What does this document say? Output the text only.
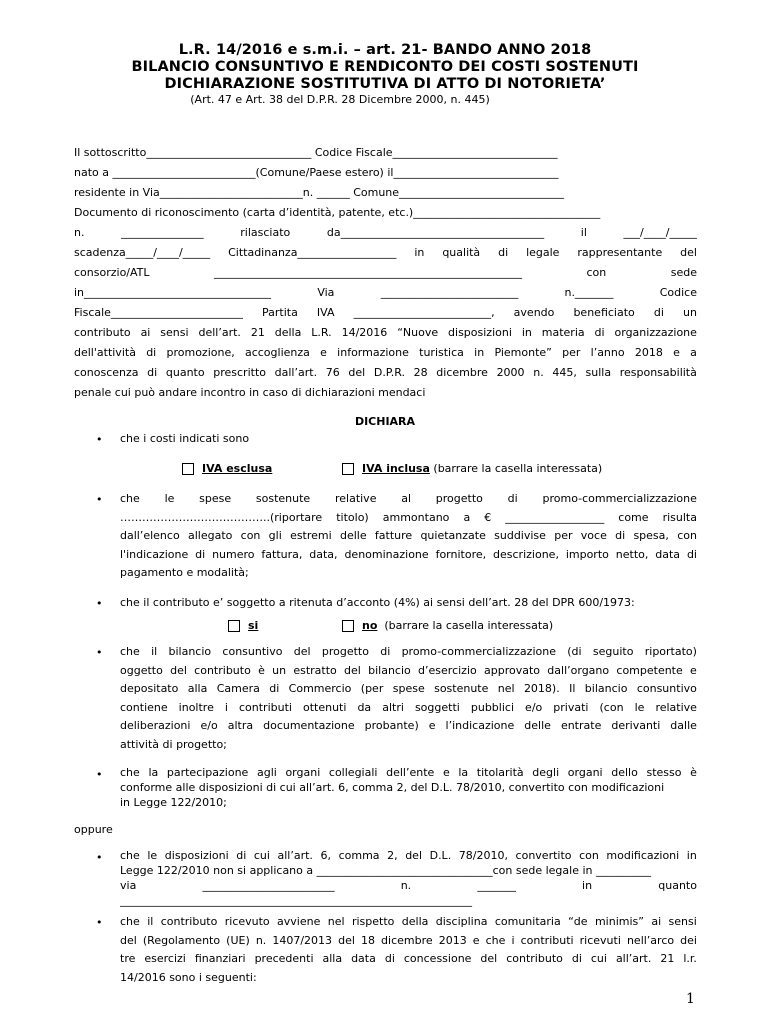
L.R. 14/2016 e s.m.i. – art. 21- BANDO ANNO 2018
BILANCIO CONSUNTIVO E RENDICONTO DEI COSTI SOSTENUTI
DICHIARAZIONE SOSTITUTIVA DI ATTO DI NOTORIETA’
(Art. 47 e Art. 38 del D.P.R. 28 Dicembre 2000, n. 445)
Il sottoscritto______________________________ Codice Fiscale______________________________
nato a __________________________(Comune/Paese estero) il______________________________
residente in Via__________________________n. ______ Comune______________________________
Documento di riconoscimento (carta d’identità, patente, etc.)__________________________________
n.	_______________	rilasciato	da_____________________________________	il	___/____/_____
scadenza_____/____/_____ Cittadinanza__________________ in qualità di legale rappresentante del
consorzio/ATL	________________________________________________________	con	sede
in__________________________________	Via	_________________________	n._______	Codice
Fiscale________________________ Partita IVA _________________________, avendo beneficiato di un
contributo ai sensi dell’art. 21 della L.R. 14/2016 “Nuove disposizioni in materia di organizzazione
dell'attività di promozione, accoglienza e informazione turistica in Piemonte” per l’anno 2018 e a
conoscenza di quanto prescritto dall’art. 76 del D.P.R. 28 dicembre 2000 n. 445, sulla responsabilità
penale cui può andare incontro in caso di dichiarazioni mendaci
DICHIARA
• che i costi indicati sono
IVA esclusa	IVA inclusa (barrare la casella interessata)
• che le spese sostenute relative al progetto di promo-commercializzazione
…………………………………..(riportare titolo) ammontano a € __________________ come risulta
dall’elenco allegato con gli estremi delle fatture quietanzate suddivise per voce di spesa, con
l'indicazione di numero fattura, data, denominazione fornitore, descrizione, importo netto, data di
pagamento e modalità;
• che il contributo e’ soggetto a ritenuta d’acconto (4%) ai sensi dell’art. 28 del DPR 600/1973:
si	no (barrare la casella interessata)
• che il bilancio consuntivo del progetto di promo-commercializzazione (di seguito riportato)
oggetto del contributo è un estratto del bilancio d’esercizio approvato dall’organo competente e
depositato alla Camera di Commercio (per spese sostenute nel 2018). Il bilancio consuntivo
contiene inoltre i contributi ottenuti da altri soggetti pubblici e/o privati (con le relative
deliberazioni e/o altra documentazione probante) e l’indicazione delle entrate derivanti dalle
attività di progetto;
• che la partecipazione agli organi collegiali dell’ente e la titolarità degli organi dello stesso è
conforme alle disposizioni di cui all’art. 6, comma 2, del D.L. 78/2010, convertito con modificazioni
in Legge 122/2010;
oppure
• che le disposizioni di cui all’art. 6, comma 2, del D.L. 78/2010, convertito con modificazioni in
Legge 122/2010 non si applicano a ________________________________con sede legale in __________
via	________________________	n.	_______	in	quanto
________________________________________________________________
• che il contributo ricevuto avviene nel rispetto della disciplina comunitaria “de minimis” ai sensi
del (Regolamento (UE) n. 1407/2013 del 18 dicembre 2013 e che i contributi ricevuti nell’arco dei
tre esercizi finanziari precedenti alla data di concessione del contributo di cui all’art. 21 l.r.
14/2016 sono i seguenti:
1
